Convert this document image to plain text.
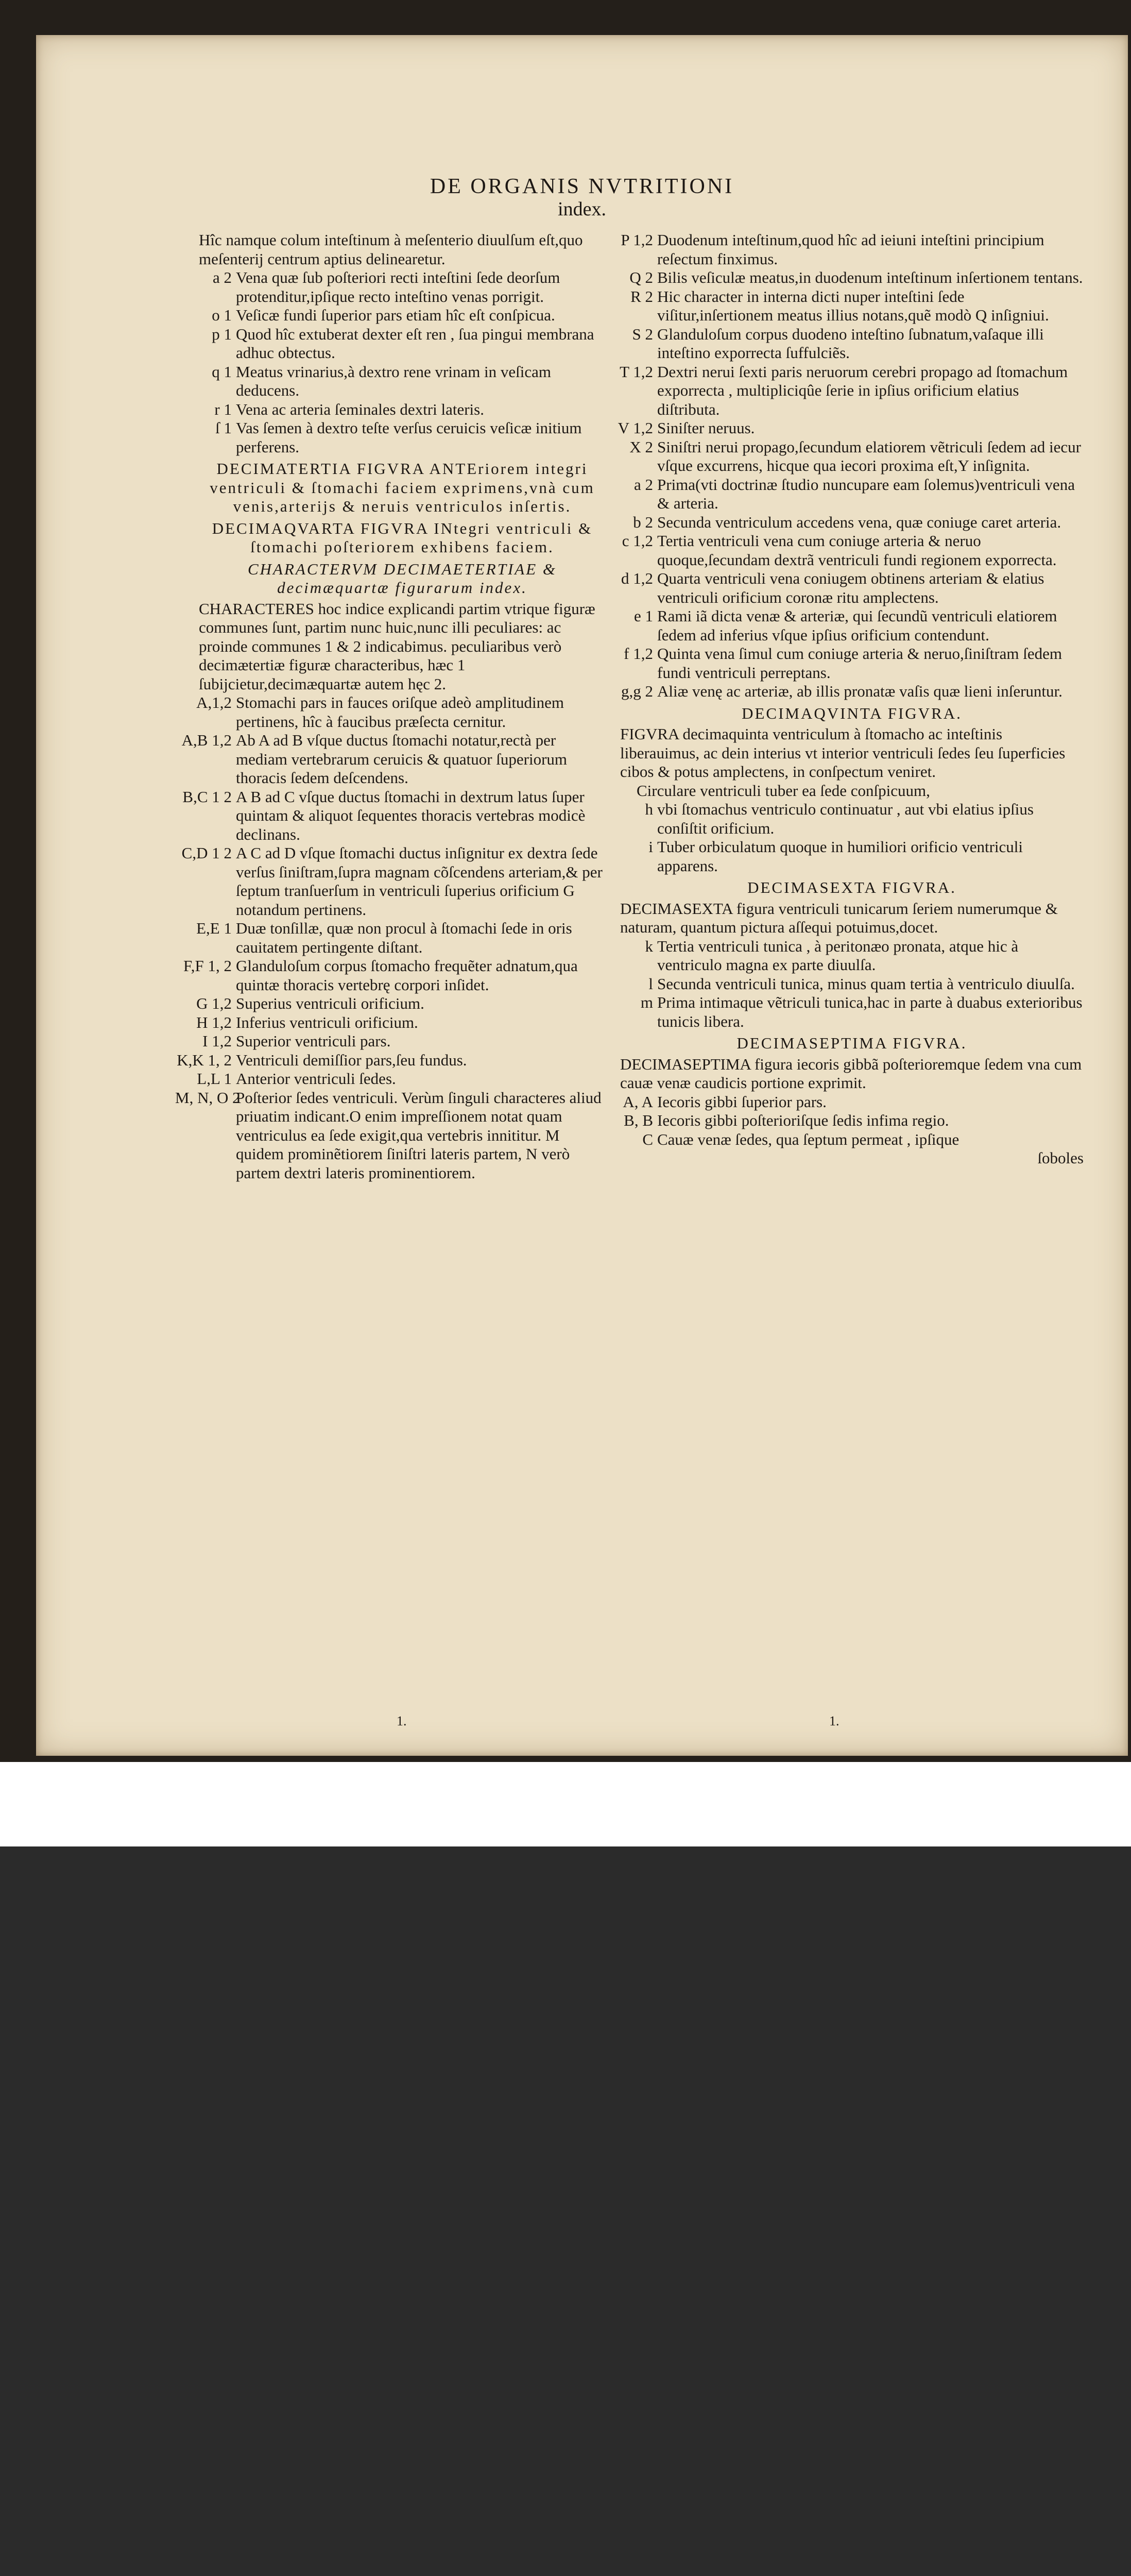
DE ORGANIS NVTRITIONI
index.
Hîc namque colum inteſtinum à meſenterio diuulſum eſt,quo meſenterij centrum aptius delinearetur.
a 2 Vena quæ ſub poſteriori recti inteſtini ſede deorſum protenditur,ipſique recto inteſtino venas porrigit.
o 1 Veſicæ fundi ſuperior pars etiam hîc eſt conſpicua.
p 1 Quod hîc extuberat dexter eſt ren , ſua pingui membrana adhuc obtectus.
q 1 Meatus vrinarius,à dextro rene vrinam in veſicam deducens.
r 1 Vena ac arteria ſeminales dextri lateris.
ſ 1 Vas ſemen à dextro teſte verſus ceruicis veſicæ initium perferens.
DECIMATERTIA FIGVRA ANTEriorem integri ventriculi & ſtomachi faciem exprimens,vnà cum venis,arterijs & neruis ventriculos inſertis.
DECIMAQVARTA FIGVRA INtegri ventriculi & ſtomachi poſteriorem exhibens faciem.
CHARACTERVM DECIMAETERTIAE & decimæquartæ figurarum index.
CHARACTERES hoc indice explicandi partim vtrique figuræ communes ſunt, partim nunc huic,nunc illi peculiares: ac proinde communes 1 & 2 indicabimus. peculiaribus verò decimætertiæ figuræ characteribus, hæc 1 ſubijcietur,decimæquartæ autem hęc 2.
A,1,2 Stomachi pars in fauces oriſque adeò amplitudinem pertinens, hîc à faucibus præſecta cernitur.
A,B 1,2 Ab A ad B vſque ductus ſtomachi notatur,rectà per mediam vertebrarum ceruicis & quatuor ſuperiorum thoracis ſedem deſcendens.
B,C 1 2 A B ad C vſque ductus ſtomachi in dextrum latus ſuper quintam & aliquot ſequentes thoracis vertebras modicè declinans.
C,D 1 2 A C ad D vſque ſtomachi ductus inſignitur ex dextra ſede verſus ſiniſtram,ſupra magnam cõſcendens arteriam,& per ſeptum tranſuerſum in ventriculi ſuperius orificium G notandum pertinens.
E,E 1 Duæ tonſillæ, quæ non procul à ſtomachi ſede in oris cauitatem pertingente diſtant.
F,F 1, 2 Glanduloſum corpus ſtomacho frequẽter adnatum,qua quintæ thoracis vertebrę corpori inſidet.
G 1,2 Superius ventriculi orificium.
H 1,2 Inferius ventriculi orificium.
I 1,2 Superior ventriculi pars.
K,K 1, 2 Ventriculi demiſſior pars,ſeu fundus.
L,L 1 Anterior ventriculi ſedes.
M, N, O 2
Poſterior ſedes ventriculi. Verùm ſinguli characteres aliud priuatim indicant.O enim impreſſionem notat quam ventriculus ea ſede exigit,qua vertebris innititur. M quidem prominẽtiorem ſiniſtri lateris partem, N verò partem dextri lateris prominentiorem.
P 1,2 Duodenum inteſtinum,quod hîc ad ieiuni inteſtini principium reſectum finximus.
Q 2 Bilis veſiculæ meatus,in duodenum inteſtinum inſertionem tentans.
R 2 Hic character in interna dicti nuper inteſtini ſede viſitur,inſertionem meatus illius notans,quẽ modò Q inſigniui.
S 2 Glanduloſum corpus duodeno inteſtino ſubnatum,vaſaque illi inteſtino exporrecta ſuffulciẽs.
T 1,2 Dextri nerui ſexti paris neruorum cerebri propago ad ſtomachum exporrecta , multipliciqûe ſerie in ipſius orificium elatius diſtributa.
V 1,2 Siniſter neruus.
X 2 Siniſtri nerui propago,ſecundum elatiorem vẽtriculi ſedem ad iecur vſque excurrens, hicque qua iecori proxima eſt,Y inſignita.
a 2 Prima(vti doctrinæ ſtudio nuncupare eam ſolemus)ventriculi vena & arteria.
b 2 Secunda ventriculum accedens vena, quæ coniuge caret arteria.
c 1,2 Tertia ventriculi vena cum coniuge arteria & neruo quoque,ſecundam dextrã ventriculi fundi regionem exporrecta.
d 1,2 Quarta ventriculi vena coniugem obtinens arteriam & elatius ventriculi orificium coronæ ritu amplectens.
e 1 Rami iã dicta venæ & arteriæ, qui ſecundũ ventriculi elatiorem ſedem ad inferius vſque ipſius orificium contendunt.
f 1,2 Quinta vena ſimul cum coniuge arteria & neruo,ſiniſtram ſedem fundi ventriculi perreptans.
g,g 2 Aliæ venę ac arteriæ, ab illis pronatæ vaſis quæ lieni inſeruntur.
DECIMAQVINTA FIGVRA.
FIGVRA decimaquinta ventriculum à ſtomacho ac inteſtinis liberauimus, ac dein interius vt interior ventriculi ſedes ſeu ſuperficies cibos & potus amplectens, in conſpectum veniret.
Circulare ventriculi tuber ea ſede conſpicuum,
h vbi ſtomachus ventriculo continuatur , aut vbi elatius ipſius conſiſtit orificium.
i Tuber orbiculatum quoque in humiliori orificio ventriculi apparens.
DECIMASEXTA FIGVRA.
DECIMASEXTA figura ventriculi tunicarum ſeriem numerumque & naturam, quantum pictura aſſequi potuimus,docet.
k Tertia ventriculi tunica , à peritonæo pronata, atque hic à ventriculo magna ex parte diuulſa.
l Secunda ventriculi tunica, minus quam tertia à ventriculo diuulſa.
m Prima intimaque vẽtriculi tunica,hac in parte à duabus exterioribus tunicis libera.
DECIMASEPTIMA FIGVRA.
DECIMASEPTIMA figura iecoris gibbã poſterioremque ſedem vna cum cauæ venæ caudicis portione exprimit.
A, A Iecoris gibbi ſuperior pars.
B, B Iecoris gibbi poſterioriſque ſedis infima regio.
C Cauæ venæ ſedes, qua ſeptum permeat , ipſique
ſoboles
1.	1.
